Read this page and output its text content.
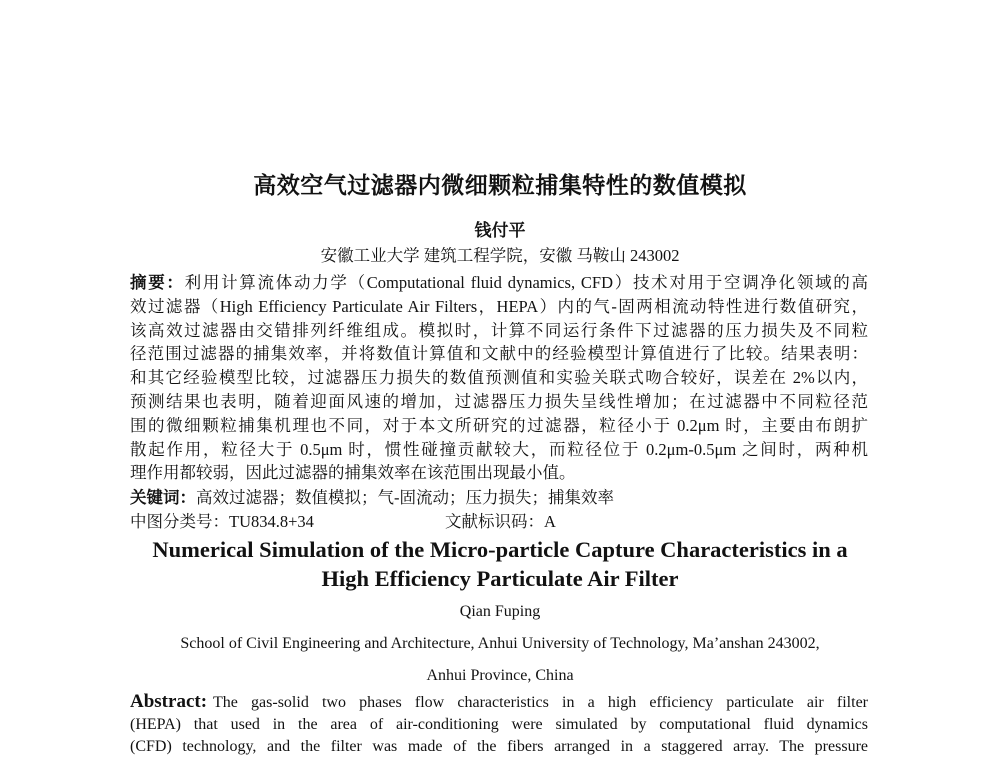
高效空气过滤器内微细颗粒捕集特性的数值模拟
钱付平
安徽工业大学 建筑工程学院，安徽 马鞍山 243002
摘要：利用计算流体动力学（Computational fluid dynamics, CFD）技术对用于空调净化领域的高
效过滤器（High Efficiency Particulate Air Filters，HEPA）内的气-固两相流动特性进行数值研究，
该高效过滤器由交错排列纤维组成。模拟时，计算不同运行条件下过滤器的压力损失及不同粒
径范围过滤器的捕集效率，并将数值计算值和文献中的经验模型计算值进行了比较。结果表明：
和其它经验模型比较，过滤器压力损失的数值预测值和实验关联式吻合较好，误差在 2%以内，
预测结果也表明，随着迎面风速的增加，过滤器压力损失呈线性增加；在过滤器中不同粒径范
围的微细颗粒捕集机理也不同，对于本文所研究的过滤器，粒径小于 0.2μm 时，主要由布朗扩
散起作用，粒径大于 0.5μm 时，惯性碰撞贡献较大，而粒径位于 0.2μm-0.5μm 之间时，两种机
理作用都较弱，因此过滤器的捕集效率在该范围出现最小值。
关键词：高效过滤器；数值模拟；气-固流动；压力损失；捕集效率
中图分类号：TU834.8+34	文献标识码：A
Numerical Simulation of the Micro-particle Capture Characteristics in a
High Efficiency Particulate Air Filter
Qian Fuping
School of Civil Engineering and Architecture, Anhui University of Technology, Ma’anshan 243002,
Anhui Province, China
Abstract: The gas-solid two phases flow characteristics in a high efficiency particulate air filter
(HEPA) that used in the area of air-conditioning were simulated by computational fluid dynamics
(CFD) technology, and the filter was made of the fibers arranged in a staggered array. The pressure
